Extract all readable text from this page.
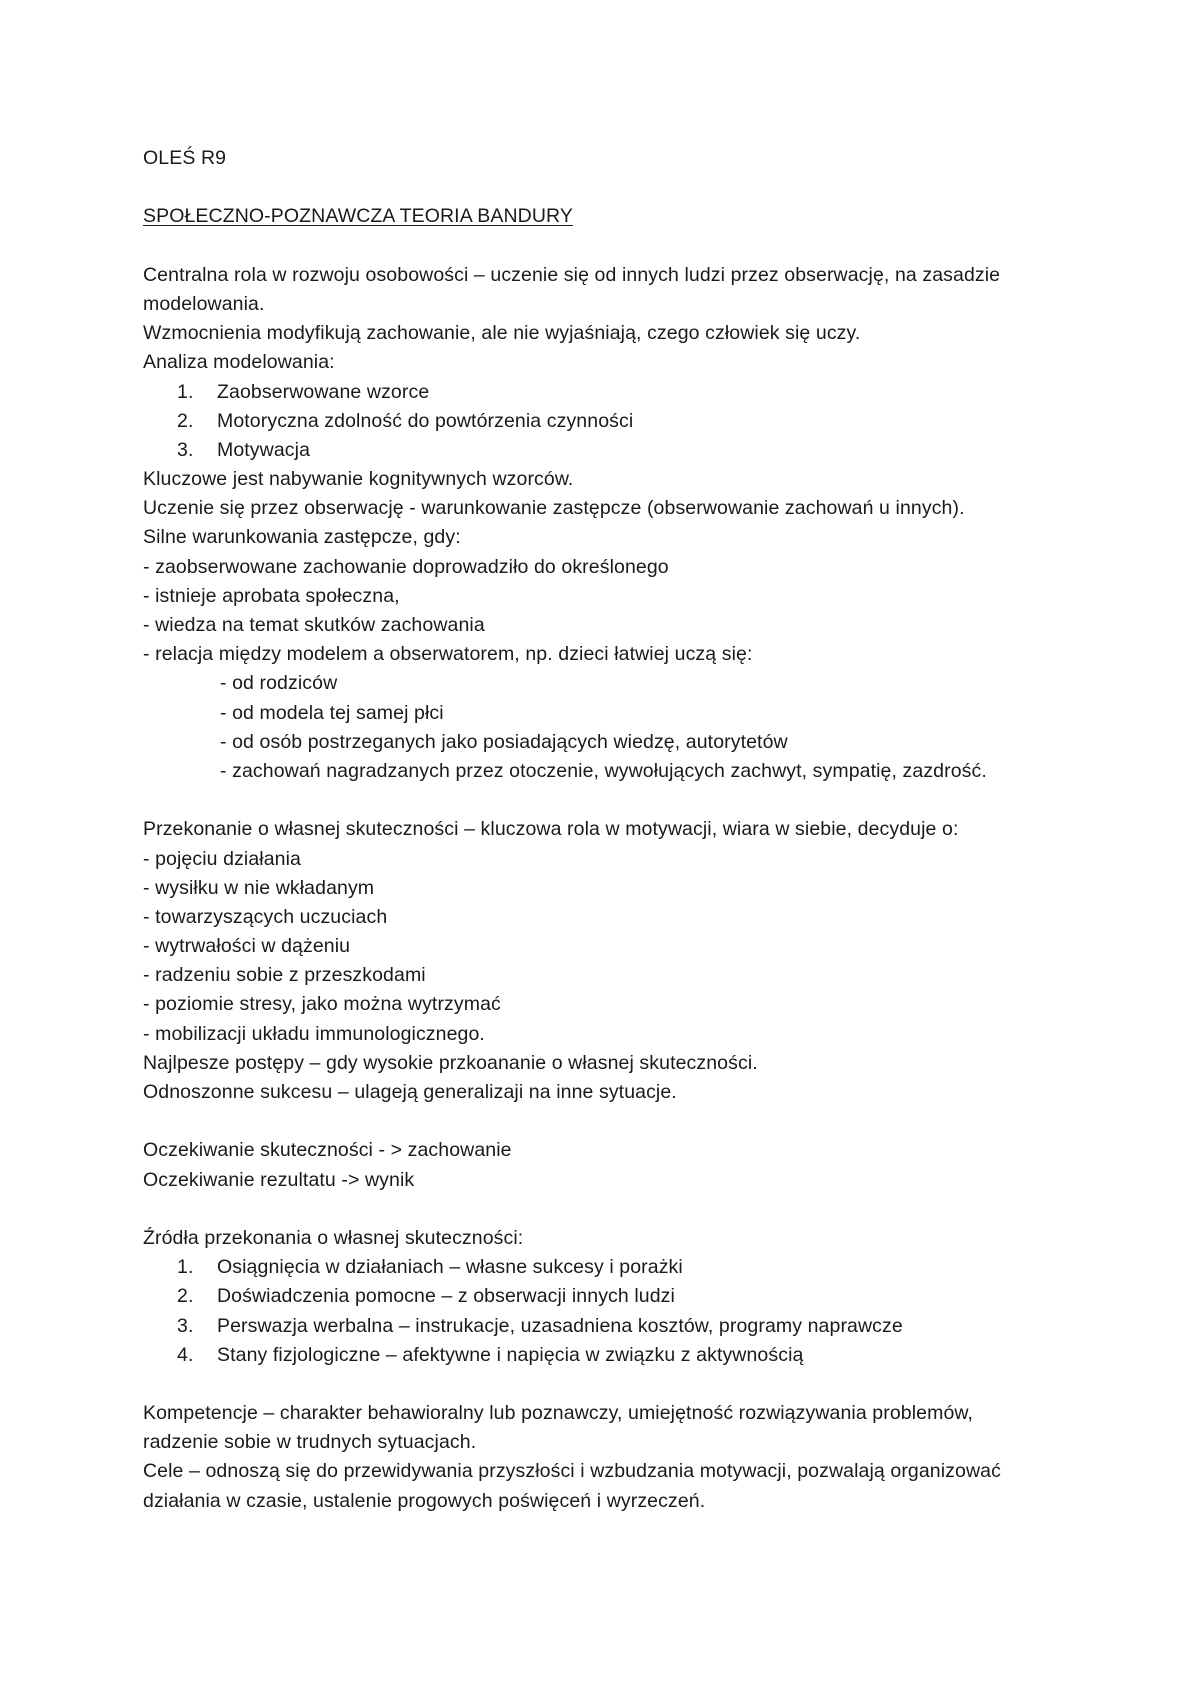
OLEŚ R9

SPOŁECZNO-POZNAWCZA TEORIA BANDURY

Centralna rola w rozwoju osobowości – uczenie się od innych ludzi przez obserwację, na zasadzie

modelowania.

Wzmocnienia modyfikują zachowanie, ale nie wyjaśniają, czego człowiek się uczy.

Analiza modelowania:

1.	Zaobserwowane wzorce
2.	Motoryczna zdolność do powtórzenia czynności
3.	Motywacja

Kluczowe jest nabywanie kognitywnych wzorców.

Uczenie się przez obserwację - warunkowanie zastępcze (obserwowanie zachowań u innych).

Silne warunkowania zastępcze, gdy:

- zaobserwowane zachowanie doprowadziło do określonego

- istnieje aprobata społeczna,

- wiedza na temat skutków zachowania

- relacja między modelem a obserwatorem, np. dzieci łatwiej uczą się:

- od rodziców

- od modela tej samej płci

- od osób postrzeganych jako posiadających wiedzę, autorytetów

- zachowań nagradzanych przez otoczenie, wywołujących zachwyt, sympatię, zazdrość.

Przekonanie o własnej skuteczności – kluczowa rola w motywacji, wiara w siebie, decyduje o:

- pojęciu działania

- wysiłku w nie wkładanym

- towarzyszących uczuciach

- wytrwałości w dążeniu

- radzeniu sobie z przeszkodami

- poziomie stresy, jako można wytrzymać

- mobilizacji układu immunologicznego.

Najlpesze postępy – gdy wysokie przkoananie o własnej skuteczności.

Odnoszonne sukcesu – ulageją generalizaji na inne sytuacje.

Oczekiwanie skuteczności - > zachowanie

Oczekiwanie rezultatu -> wynik

Źródła przekonania o własnej skuteczności:

1.	Osiągnięcia w działaniach – własne sukcesy i porażki
2.	Doświadczenia pomocne – z obserwacji innych ludzi
3.	Perswazja werbalna – instrukacje, uzasadniena kosztów, programy naprawcze
4.	Stany fizjologiczne – afektywne i napięcia w związku z aktywnością

Kompetencje – charakter behawioralny lub poznawczy, umiejętność rozwiązywania problemów,

radzenie sobie w trudnych sytuacjach.

Cele – odnoszą się do przewidywania przyszłości i wzbudzania motywacji, pozwalają organizować

działania w czasie, ustalenie progowych poświęceń i wyrzeczeń.
